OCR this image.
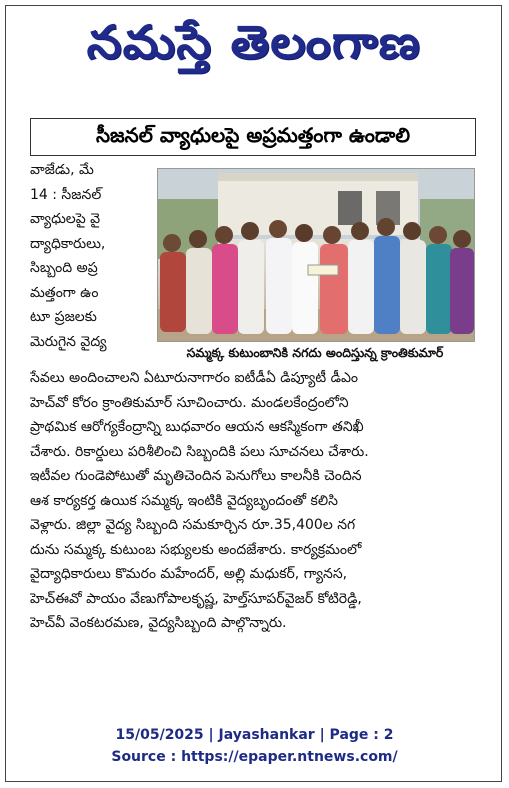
నమస్తే తెలంగాణ
సీజనల్ వ్యాధులపై అప్రమత్తంగా ఉండాలి
వాజేడు, మే
14 : సీజనల్
వ్యాధులపై వై
ద్యాధికారులు,
సిబ్బంది అప్ర
మత్తంగా ఉం
టూ ప్రజలకు
మెరుగైన వైద్య
సమ్మక్క కుటుంబానికి నగదు అందిస్తున్న క్రాంతికుమార్
సేవలు అందించాలని ఏటూరునాగారం ఐటీడీఏ డిప్యూటీ డీఎం
హెచ్‌వో కోరం క్రాంతికుమార్ సూచించారు. మండలకేంద్రంలోని
ప్రాథమిక ఆరోగ్యకేంద్రాన్ని బుధవారం ఆయన ఆకస్మికంగా తనిఖీ
చేశారు. రికార్డులు పరిశీలించి సిబ్బందికి పలు సూచనలు చేశారు.
ఇటీవల గుండెపోటుతో మృతిచెందిన పెనుగోలు కాలనీకి చెందిన
ఆశ కార్యకర్త ఉయిక సమ్మక్క ఇంటికి వైద్యబృందంతో కలిసి
వెళ్లారు. జిల్లా వైద్య సిబ్బంది సమకూర్చిన రూ.35,400ల నగ
దును సమ్మక్క కుటుంబ సభ్యులకు అందజేశారు. కార్యక్రమంలో
వైద్యాధికారులు కొమరం మహేందర్, అల్లి మధుకర్, గ్యానస,
హెచ్ఈవో పాయం వేణుగోపాలకృష్ణ, హెల్త్‌సూపర్‌వైజర్ కోటిరెడ్డి,
హెచ్‌వీ వెంకటరమణ, వైద్యసిబ్బంది పాల్గొన్నారు.
15/05/2025 | Jayashankar | Page : 2
Source : https://epaper.ntnews.com/
